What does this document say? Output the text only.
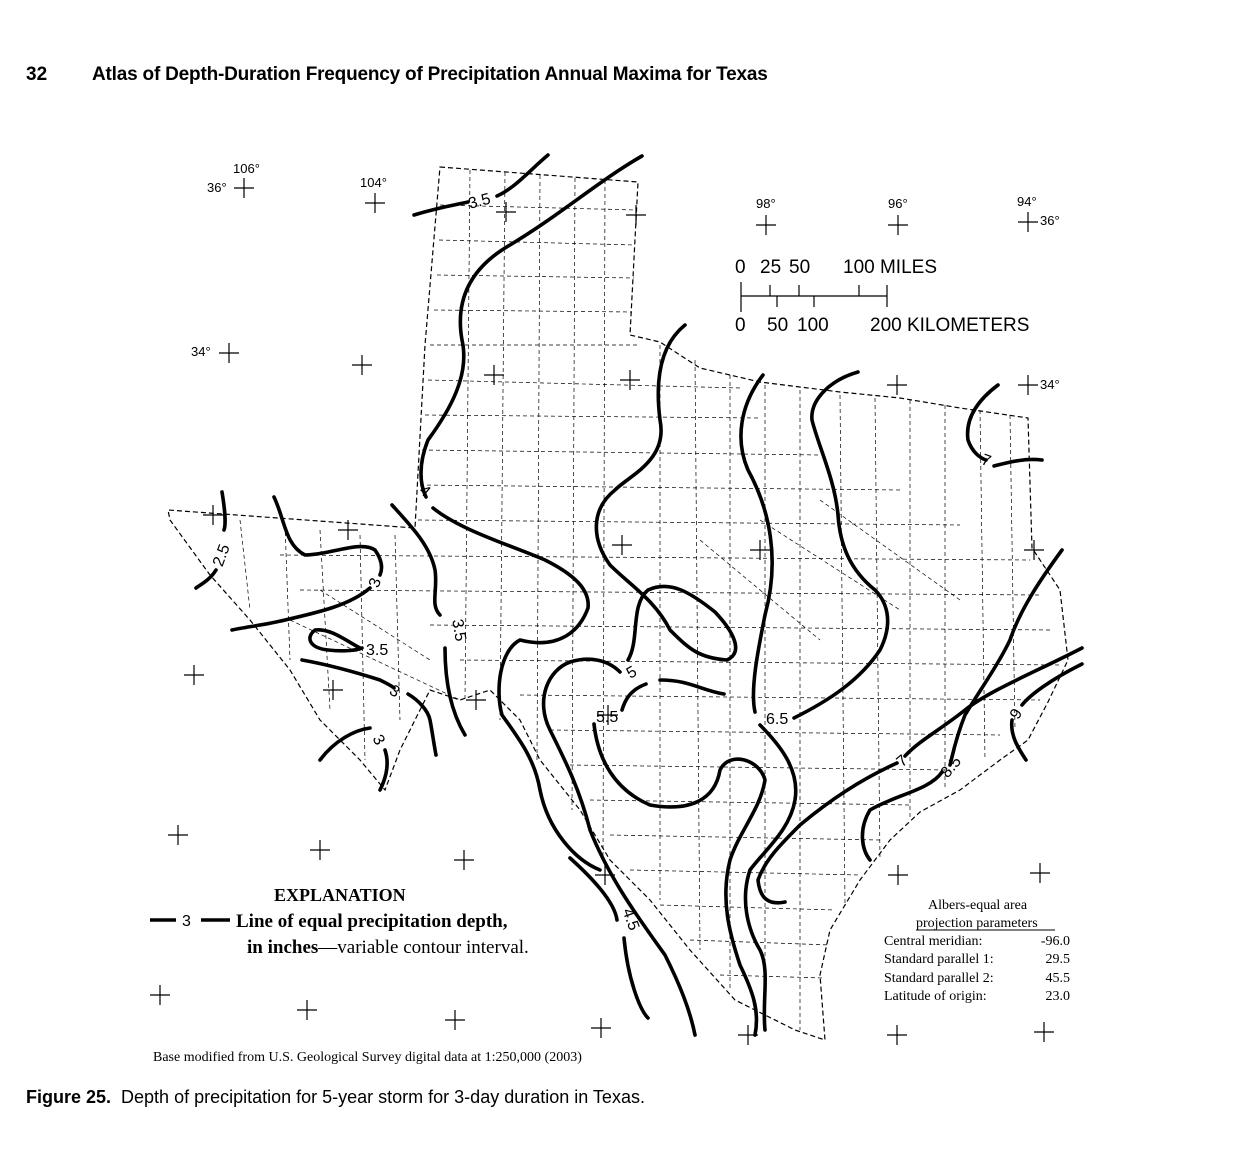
32 Atlas of Depth-Duration Frequency of Precipitation Annual Maxima for Texas
106°
36°	104°
34°
98°	96°	94°
36°
34°
0 25 50 100 MILES
0 50 100 200 KILOMETERS
3.5
4
2.5
3
3.5
3.5
3
3
5
5.5	6.5
7
7 8.5
9
4.5
EXPLANATION
3 Line of equal precipitation depth,
in inches—variable contour interval.
Albers-equal area
projection parameters
Central meridian:	-96.0
Standard parallel 1:	29.5
Standard parallel 2:	45.5
Latitude of origin:	23.0
Base modified from U.S. Geological Survey digital data at 1:250,000 (2003)
Figure 25. Depth of precipitation for 5-year storm for 3-day duration in Texas.
